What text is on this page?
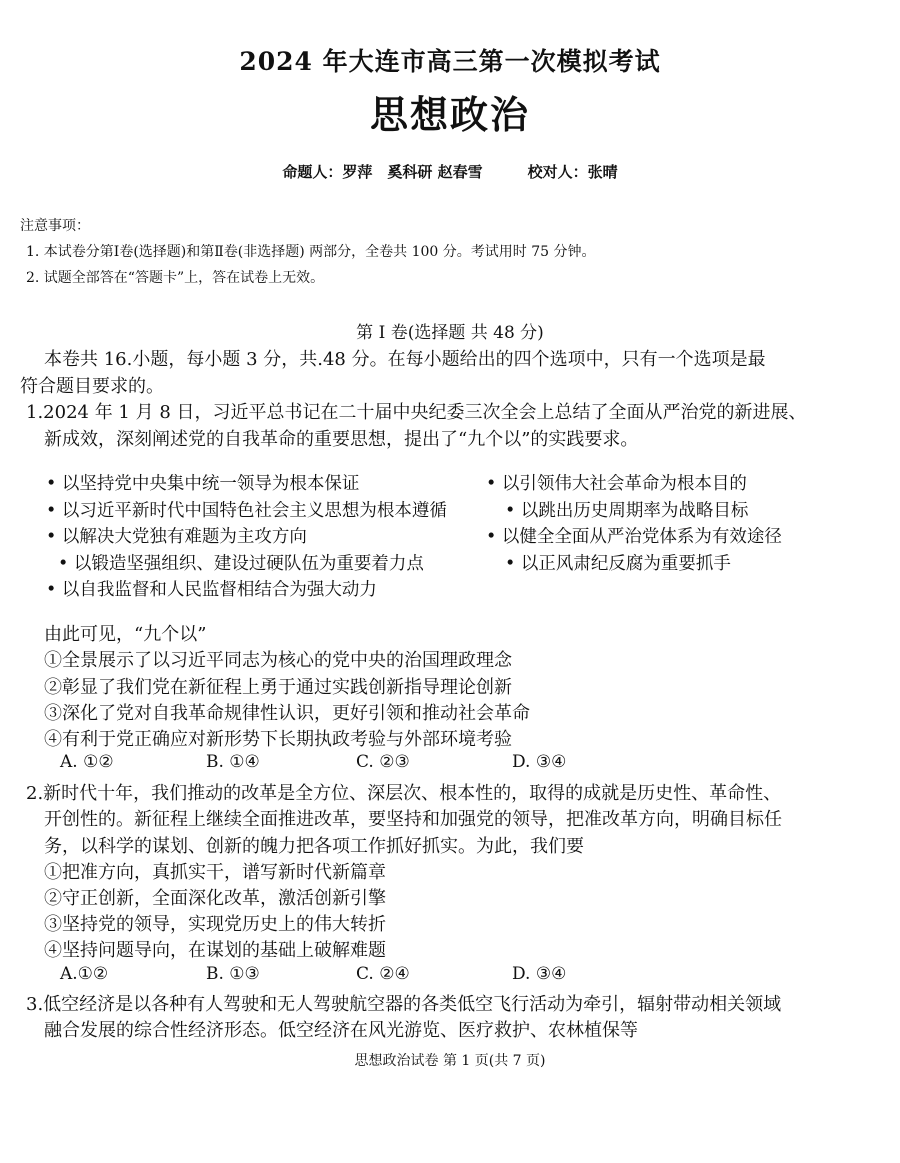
2024 年大连市高三第一次模拟考试
思想政治
命题人：罗萍　奚科研 赵春雪　　　校对人：张晴
注意事项：
1. 本试卷分第Ⅰ卷(选择题)和第Ⅱ卷(非选择题) 两部分，全卷共 100 分。考试用时 75 分钟。
2. 试题全部答在“答题卡”上，答在试卷上无效。
第 Ⅰ 卷(选择题 共 48 分)
本卷共 16.小题，每小题 3 分，共.48 分。在每小题给出的四个选项中，只有一个选项是最
符合题目要求的。
1.2024 年 1 月 8 日，习近平总书记在二十届中央纪委三次全会上总结了全面从严治党的新进展、
新成效，深刻阐述党的自我革命的重要思想，提出了“九个以”的实践要求。
• 以坚持党中央集中统一领导为根本保证	• 以引领伟大社会革命为根本目的
• 以习近平新时代中国特色社会主义思想为根本遵循	• 以跳出历史周期率为战略目标
• 以解决大党独有难题为主攻方向	• 以健全全面从严治党体系为有效途径
• 以锻造坚强组织、建设过硬队伍为重要着力点	• 以正风肃纪反腐为重要抓手
• 以自我监督和人民监督相结合为强大动力
由此可见，“九个以”
①全景展示了以习近平同志为核心的党中央的治国理政理念
②彰显了我们党在新征程上勇于通过实践创新指导理论创新
③深化了党对自我革命规律性认识，更好引领和推动社会革命
④有利于党正确应对新形势下长期执政考验与外部环境考验
A. ①②	B. ①④	C. ②③	D. ③④
2.新时代十年，我们推动的改革是全方位、深层次、根本性的，取得的成就是历史性、革命性、
开创性的。新征程上继续全面推进改革，要坚持和加强党的领导，把准改革方向，明确目标任
务，以科学的谋划、创新的魄力把各项工作抓好抓实。为此，我们要
①把准方向，真抓实干，谱写新时代新篇章
②守正创新，全面深化改革，激活创新引擎
③坚持党的领导，实现党历史上的伟大转折
④坚持问题导向，在谋划的基础上破解难题
A.①②	B. ①③	C. ②④	D. ③④
3.低空经济是以各种有人驾驶和无人驾驶航空器的各类低空飞行活动为牵引，辐射带动相关领域
融合发展的综合性经济形态。低空经济在风光游览、医疗救护、农林植保等
思想政治试卷 第 1 页(共 7 页)
